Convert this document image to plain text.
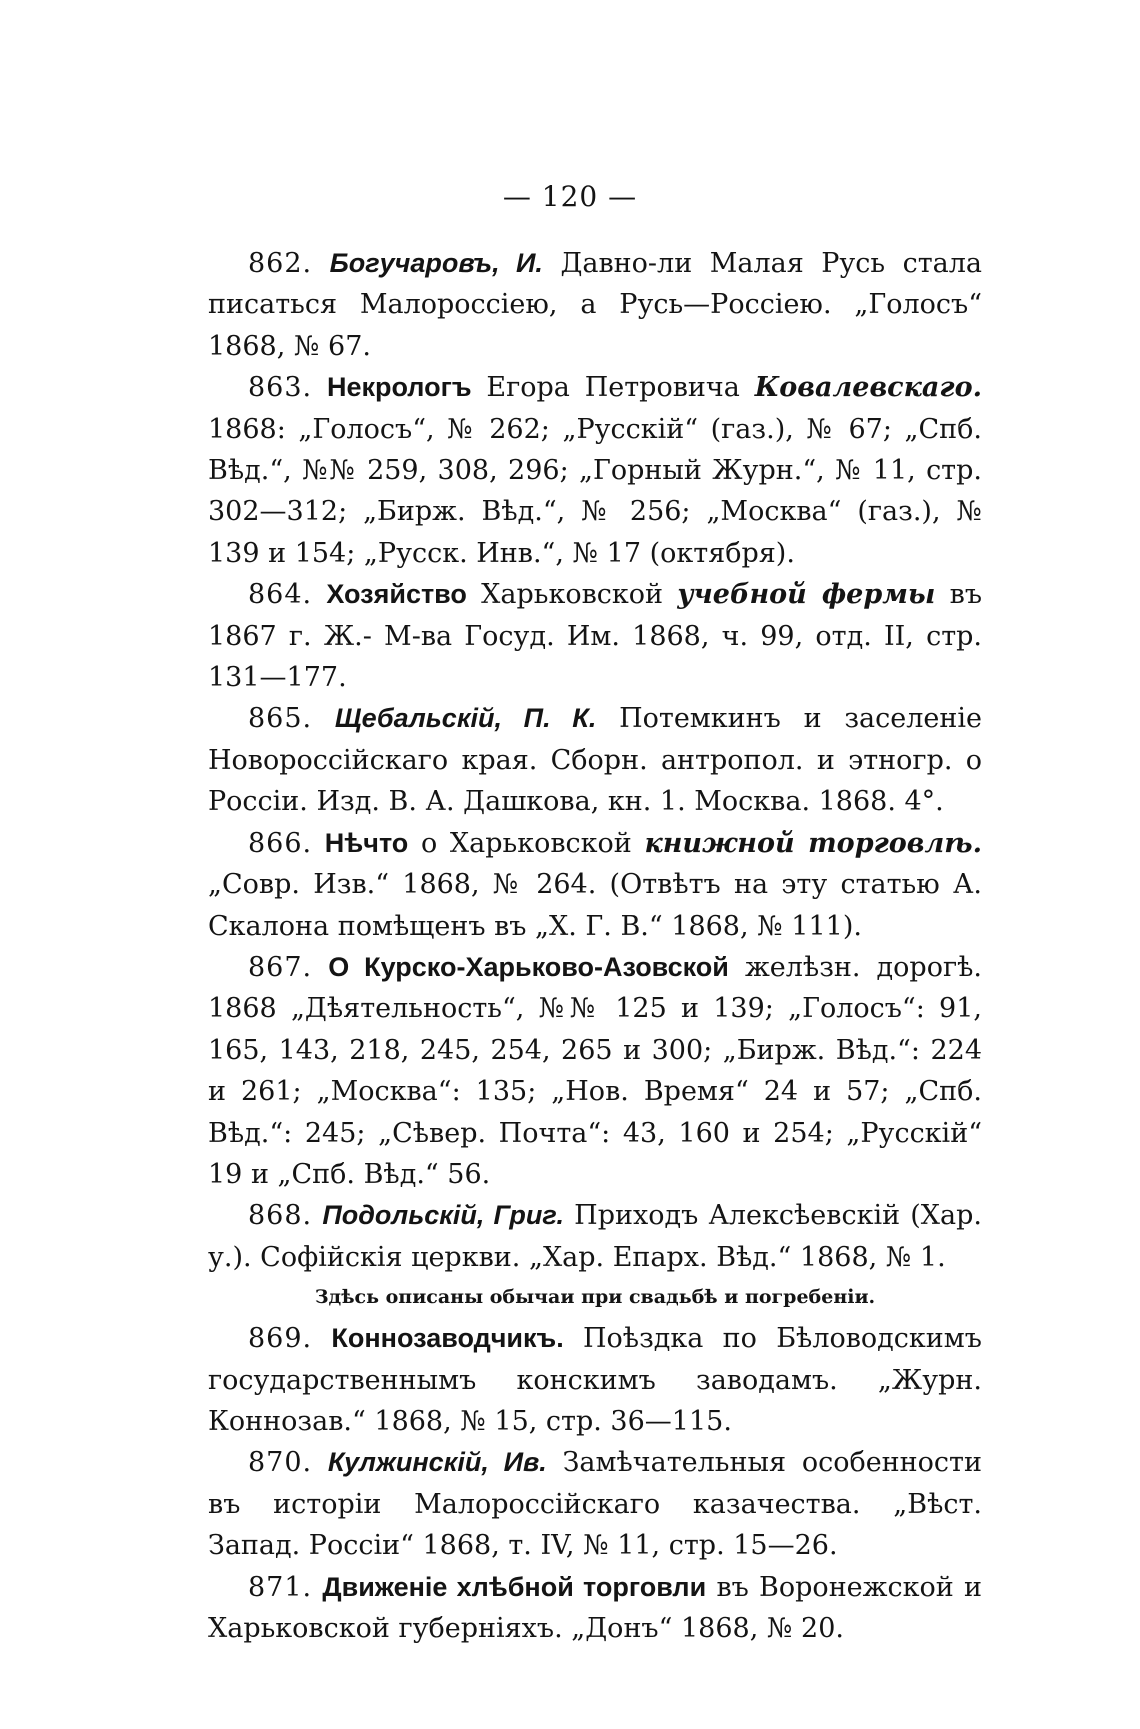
— 120 —

862. Богучаровъ, И. Давно-ли Малая Русь стала писаться Малороссіею, а Русь—Россіею. „Голосъ“ 1868, № 67.

863. Некрологъ Егора Петровича Ковалевскаго. 1868: „Голосъ“, № 262; „Русскій“ (газ.), № 67; „Спб. Вѣд.“, №№ 259, 308, 296; „Горный Журн.“, № 11, стр. 302—312; „Бирж. Вѣд.“, № 256; „Москва“ (газ.), № 139 и 154; „Русск. Инв.“, № 17 (октября).

864. Хозяйство Харьковской учебной фермы въ 1867 г. Ж.- М-ва Госуд. Им. 1868, ч. 99, отд. II, стр. 131—177.

865. Щебальскій, П. К. Потемкинъ и заселеніе Новороссійскаго края. Сборн. антропол. и этногр. о Россіи. Изд. В. А. Дашкова, кн. 1. Москва. 1868. 4°.

866. Нѣчто о Харьковской книжной торговлѣ. „Совр. Изв.“ 1868, № 264. (Отвѣтъ на эту статью А. Скалона помѣщенъ въ „Х. Г. В.“ 1868, № 111).

867. О Курско-Харьково-Азовской желѣзн. дорогѣ. 1868 „Дѣятельность“, №№ 125 и 139; „Голосъ“: 91, 165, 143, 218, 245, 254, 265 и 300; „Бирж. Вѣд.“: 224 и 261; „Москва“: 135; „Нов. Время“ 24 и 57; „Спб. Вѣд.“: 245; „Сѣвер. Почта“: 43, 160 и 254; „Русскій“ 19 и „Спб. Вѣд.“ 56.

868. Подольскій, Григ. Приходъ Алексѣевскій (Хар. у.). Софійскія церкви. „Хар. Епарх. Вѣд.“ 1868, № 1.

Здѣсь описаны обычаи при свадьбѣ и погребеніи.

869. Коннозаводчикъ. Поѣздка по Бѣловодскимъ государственнымъ конскимъ заводамъ. „Журн. Коннозав.“ 1868, № 15, стр. 36—115.

870. Кулжинскій, Ив. Замѣчательныя особенности въ исторіи Малороссійскаго казачества. „Вѣст. Запад. Россіи“ 1868, т. IV, № 11, стр. 15—26.

871. Движеніе хлѣбной торговли въ Воронежской и Харьковской губерніяхъ. „Донъ“ 1868, № 20.
